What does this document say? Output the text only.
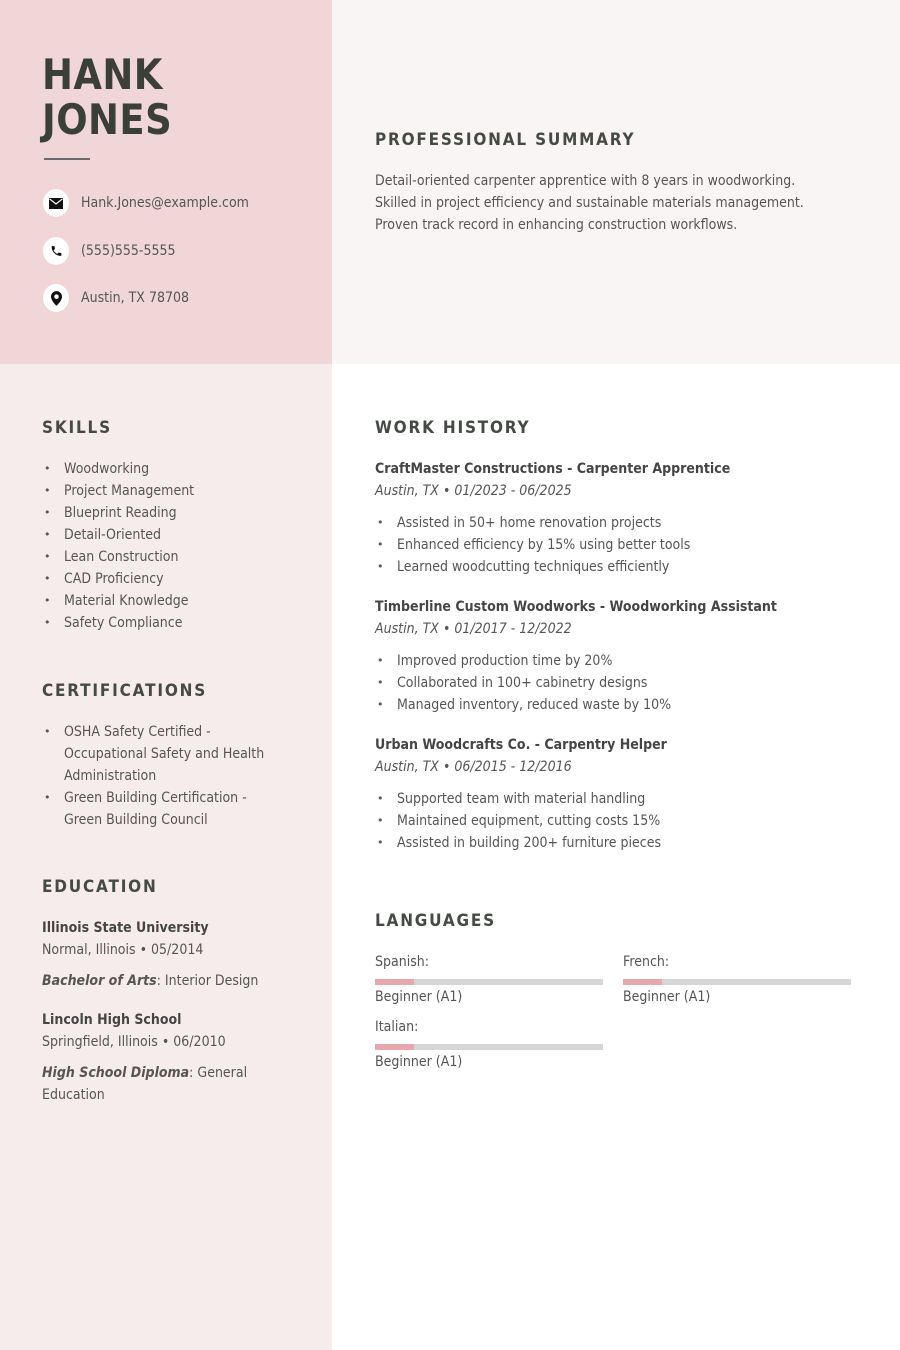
HANK
JONES
Hank.Jones@example.com
(555)555-5555
Austin, TX 78708
PROFESSIONAL SUMMARY
Detail-oriented carpenter apprentice with 8 years in woodworking.
Skilled in project efficiency and sustainable materials management.
Proven track record in enhancing construction workflows.
SKILLS
• Woodworking
• Project Management
• Blueprint Reading
• Detail-Oriented
• Lean Construction
• CAD Proficiency
• Material Knowledge
• Safety Compliance
CERTIFICATIONS
• OSHA Safety Certified -
Occupational Safety and Health
Administration
• Green Building Certification -
Green Building Council
EDUCATION
Illinois State University
Normal, Illinois • 05/2014
Bachelor of Arts: Interior Design
Lincoln High School
Springfield, Illinois • 06/2010
High School Diploma: General
Education
WORK HISTORY
CraftMaster Constructions - Carpenter Apprentice
Austin, TX • 01/2023 - 06/2025
• Assisted in 50+ home renovation projects
• Enhanced efficiency by 15% using better tools
• Learned woodcutting techniques efficiently
Timberline Custom Woodworks - Woodworking Assistant
Austin, TX • 01/2017 - 12/2022
• Improved production time by 20%
• Collaborated in 100+ cabinetry designs
• Managed inventory, reduced waste by 10%
Urban Woodcrafts Co. - Carpentry Helper
Austin, TX • 06/2015 - 12/2016
• Supported team with material handling
• Maintained equipment, cutting costs 15%
• Assisted in building 200+ furniture pieces
LANGUAGES
Spanish:
Beginner (A1)
French:
Beginner (A1)
Italian:
Beginner (A1)
